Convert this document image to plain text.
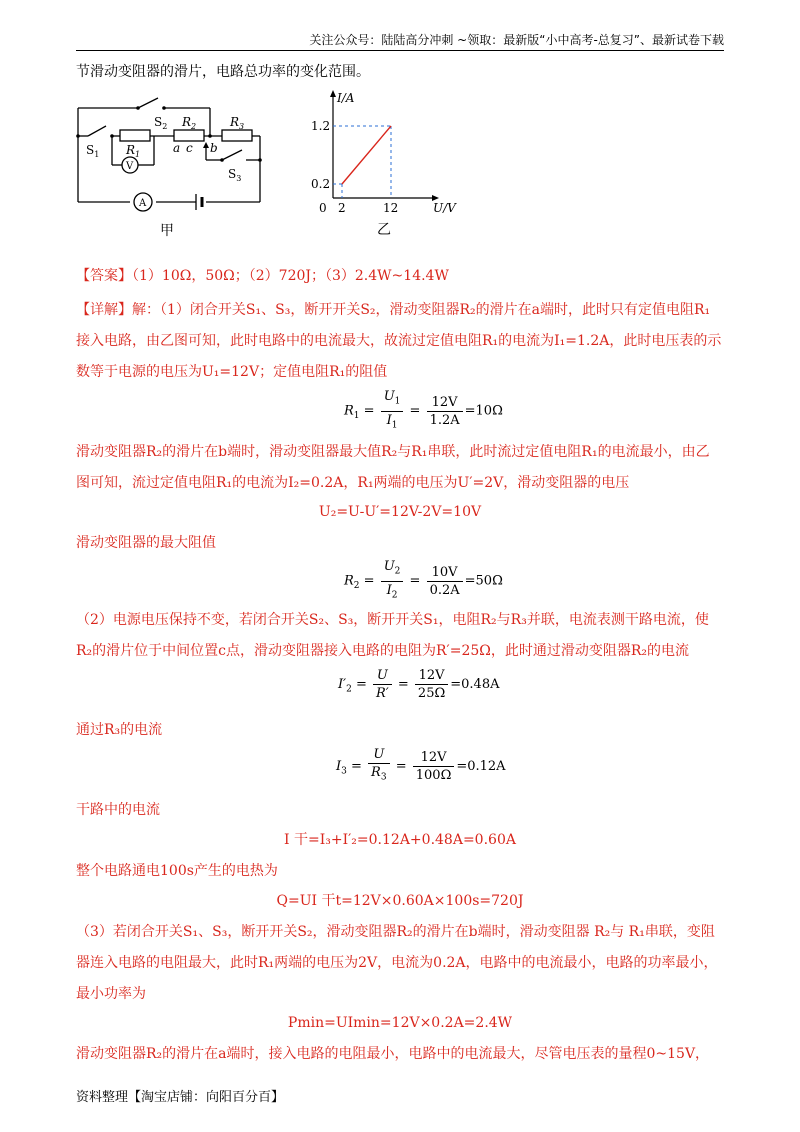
关注公众号：陆陆高分冲刺 ~领取：最新版“小中高考-总复习”、最新试卷下载
节滑动变阻器的滑片，电路总功率的变化范围。
$S_2$
$S_1$ $R_1$
$R_2$	$R_3$
a c b
$S_3$
V
A
甲
I/A
1.2
0.2
0 2	12	U/V
乙
【答案】（1）10Ω，50Ω；（2）720J；（3）2.4W~14.4W
【详解】解：（1）闭合开关S₁、S₃，断开开关S₂，滑动变阻器R₂的滑片在a端时，此时只有定值电阻R₁
接入电路，由乙图可知，此时电路中的电流最大，故流过定值电阻R₁的电流为I₁=1.2A，此时电压表的示
数等于电源的电压为U₁=12V；定值电阻R₁的阻值
$R_1 = \frac{U_1}{I_1} = \frac{12V}{1.2A} =10\Omega$
滑动变阻器R₂的滑片在b端时，滑动变阻器最大值R₂与R₁串联，此时流过定值电阻R₁的电流最小，由乙
图可知，流过定值电阻R₁的电流为I₂=0.2A，R₁两端的电压为U′=2V，滑动变阻器的电压
U₂=U-U′=12V-2V=10V
滑动变阻器的最大阻值
$R_2 = \frac{U_2}{I_2} = \frac{10V}{0.2A} =50\Omega$
（2）电源电压保持不变，若闭合开关S₂、S₃，断开开关S₁，电阻R₂与R₃并联，电流表测干路电流，使
R₂的滑片位于中间位置c点，滑动变阻器接入电路的电阻为R′=25Ω，此时通过滑动变阻器R₂的电流
$I'_2 = \frac{U}{R'} = \frac{12V}{25\Omega} =0.48A$
通过R₃的电流
$I_3 = \frac{U}{R_3} = \frac{12V}{100\Omega} =0.12A$
干路中的电流
I 干=I₃+I′₂=0.12A+0.48A=0.60A
整个电路通电100s产生的电热为
Q=UI 干t=12V×0.60A×100s=720J
（3）若闭合开关S₁、S₃，断开开关S₂，滑动变阻器R₂的滑片在b端时，滑动变阻器 R₂与 R₁串联，变阻
器连入电路的电阻最大，此时R₁两端的电压为2V，电流为0.2A，电路中的电流最小，电路的功率最小，
最小功率为
Pmin=UImin=12V×0.2A=2.4W
滑动变阻器R₂的滑片在a端时，接入电路的电阻最小，电路中的电流最大，尽管电压表的量程0~15V，
资料整理【淘宝店铺：向阳百分百】
